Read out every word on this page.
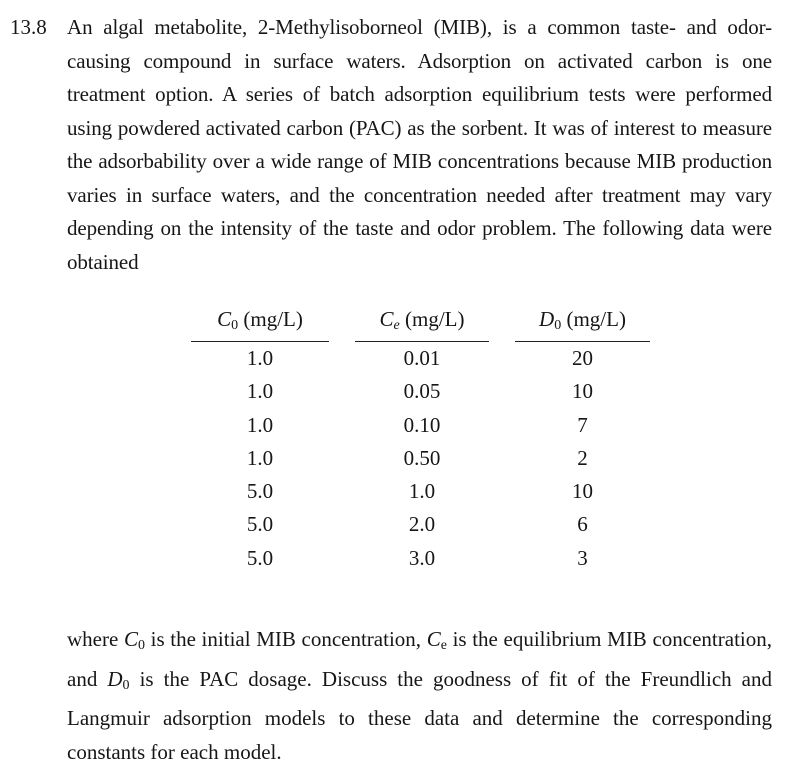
13.8 An algal metabolite, 2-Methylisoborneol (MIB), is a common taste- and odor-causing compound in surface waters. Adsorption on activated carbon is one treatment option. A series of batch adsorption equilibrium tests were performed using powdered activated carbon (PAC) as the sorbent. It was of interest to measure the adsorbability over a wide range of MIB concentrations because MIB production varies in surface waters, and the concentration needed after treatment may vary depending on the intensity of the taste and odor problem. The following data were obtained

$C_0$ (mg/L)		$C_e$ (mg/L)		$D_0$ (mg/L)
1.0		0.01		20
1.0		0.05		10
1.0		0.10		7
1.0		0.50		2
5.0		1.0		10
5.0		2.0		6
5.0		3.0		3

where $C_0$ is the initial MIB concentration, $C_e$ is the equilibrium MIB concentration, and $D_0$ is the PAC dosage. Discuss the goodness of fit of the Freundlich and Langmuir adsorption models to these data and determine the corresponding constants for each model.
